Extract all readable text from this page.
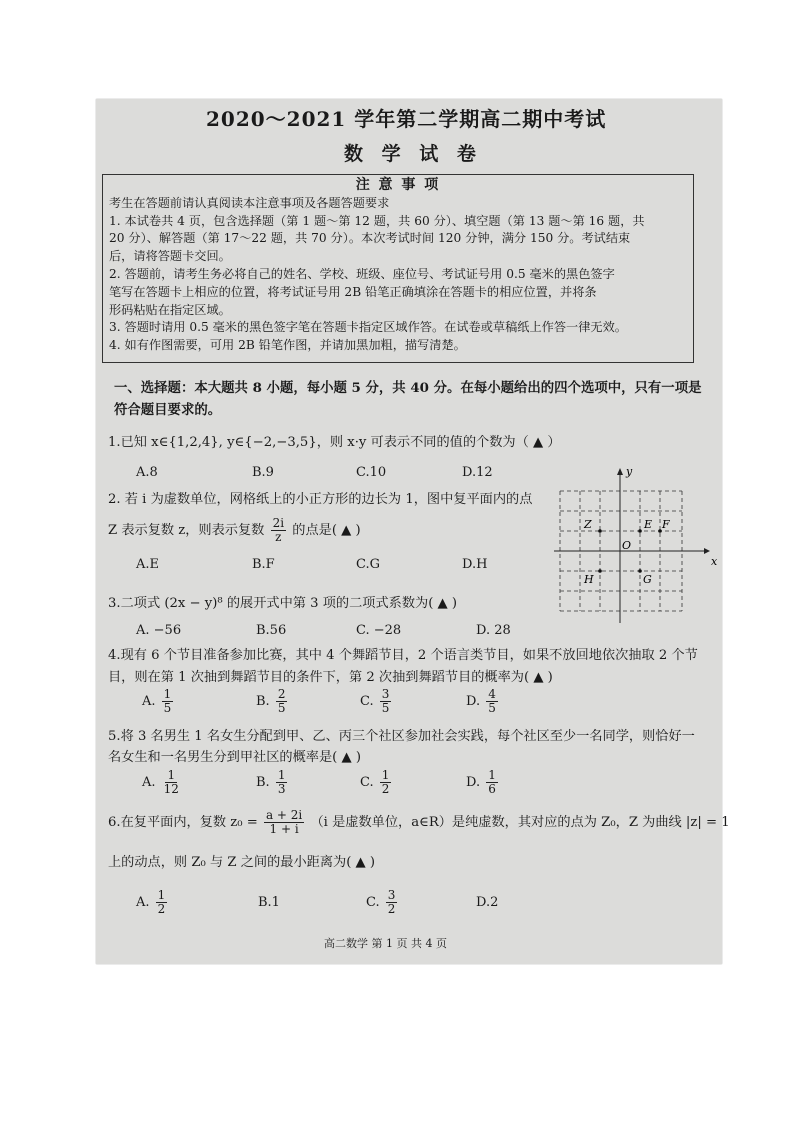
2020～2021 学年第二学期高二期中考试
数 学 试 卷

注 意 事 项

考生在答题前请认真阅读本注意事项及各题答题要求

1. 本试卷共 4 页，包含选择题（第 1 题～第 12 题，共 60 分）、填空题（第 13 题～第 16 题，共

20 分）、解答题（第 17～22 题，共 70 分）。本次考试时间 120 分钟，满分 150 分。考试结束

后，请将答题卡交回。

2. 答题前，请考生务必将自己的姓名、学校、班级、座位号、考试证号用 0.5 毫米的黑色签字

笔写在答题卡上相应的位置，将考试证号用 2B 铅笔正确填涂在答题卡的相应位置，并将条

形码粘贴在指定区域。

3. 答题时请用 0.5 毫米的黑色签字笔在答题卡指定区域作答。在试卷或草稿纸上作答一律无效。

4. 如有作图需要，可用 2B 铅笔作图，并请加黑加粗，描写清楚。

一、选择题：本大题共 8 小题，每小题 5 分，共 40 分。在每小题给出的四个选项中，只有一项是符合题目要求的。
1.已知 x∈{1,2,4}, y∈{−2,−3,5}，则 x·y 可表示不同的值的个数为（ ▲ ）
A.8	B.9	C.10	D.12
2. 若 i 为虚数单位，网格纸上的小正方形的边长为 1，图中复平面内的点
Z 表示复数 z，则表示复数 $\frac{2i}{z}$ 的点是( ▲ )
A.E	B.F	C.G	D.H	x
y
O
Z	E F
H	G
3.二项式 (2x − y)⁸ 的展开式中第 3 项的二项式系数为( ▲ )
A. −56	B.56	C. −28	D. 28
4.现有 6 个节目准备参加比赛，其中 4 个舞蹈节目，2 个语言类节目，如果不放回地依次抽取 2 个节
目，则在第 1 次抽到舞蹈节目的条件下，第 2 次抽到舞蹈节目的概率为( ▲ )
A. $\frac{1}{5}$	B. $\frac{2}{5}$	C. $\frac{3}{5}$	D. $\frac{4}{5}$
5.将 3 名男生 1 名女生分配到甲、乙、丙三个社区参加社会实践，每个社区至少一名同学，则恰好一
名女生和一名男生分到甲社区的概率是( ▲ )
A. $\frac{1}{12}$	B. $\frac{1}{3}$	C. $\frac{1}{2}$	D. $\frac{1}{6}$
6.在复平面内，复数 $z_0 = \frac{a + 2i}{1 + i} (i$ 是虚数单位，a∈R）是纯虚数，其对应的点为 Z₀，Z 为曲线 |z| = 1
上的动点，则 Z₀ 与 Z 之间的最小距离为( ▲ )
A. $\frac{1}{2}$	B.1	C. $\frac{3}{2}$	D.2
高二数学 第 1 页 共 4 页
